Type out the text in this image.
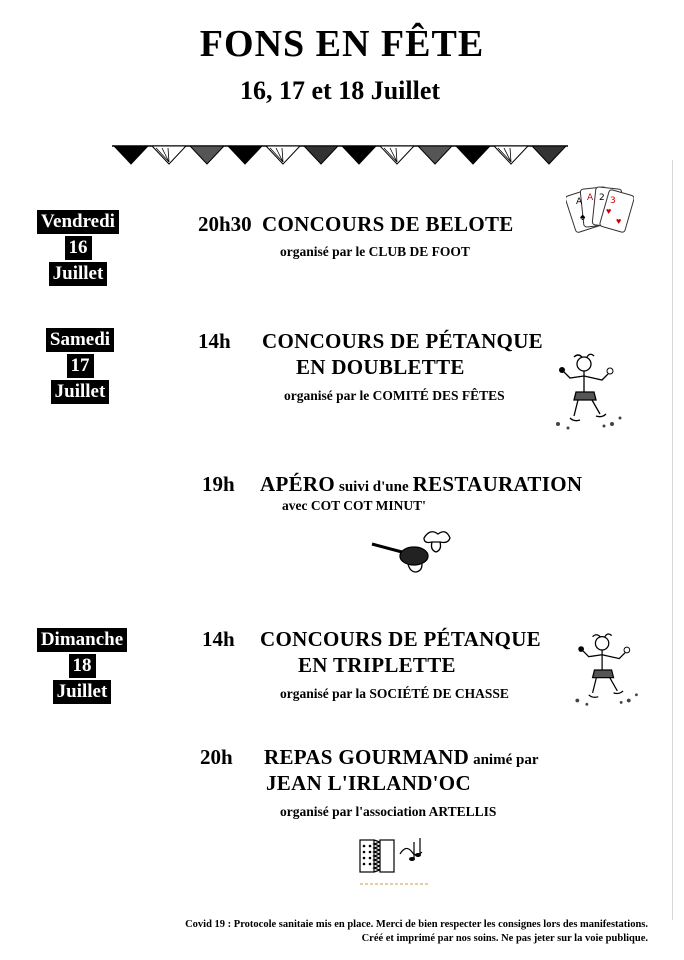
FONS EN FÊTE
16, 17 et 18 Juillet
Vendredi
16
Juillet
20h30 CONCOURS DE BELOTE
organisé par le CLUB DE FOOT
A A 2 3
♠
♥
♥
Samedi
17
Juillet
14h CONCOURS DE PÉTANQUE
EN DOUBLETTE
organisé par le COMITÉ DES FÊTES
19h APÉRO suivi d'une RESTAURATION
avec COT COT MINUT'
Dimanche
18
Juillet
14h CONCOURS DE PÉTANQUE
EN TRIPLETTE
organisé par la SOCIÉTÉ DE CHASSE
20h REPAS GOURMAND animé par
JEAN L'IRLAND'OC
organisé par l'association ARTELLIS
Covid 19 : Protocole sanitaie mis en place. Merci de bien respecter les consignes lors des manifestations.
Créé et imprimé par nos soins. Ne pas jeter sur la voie publique.
